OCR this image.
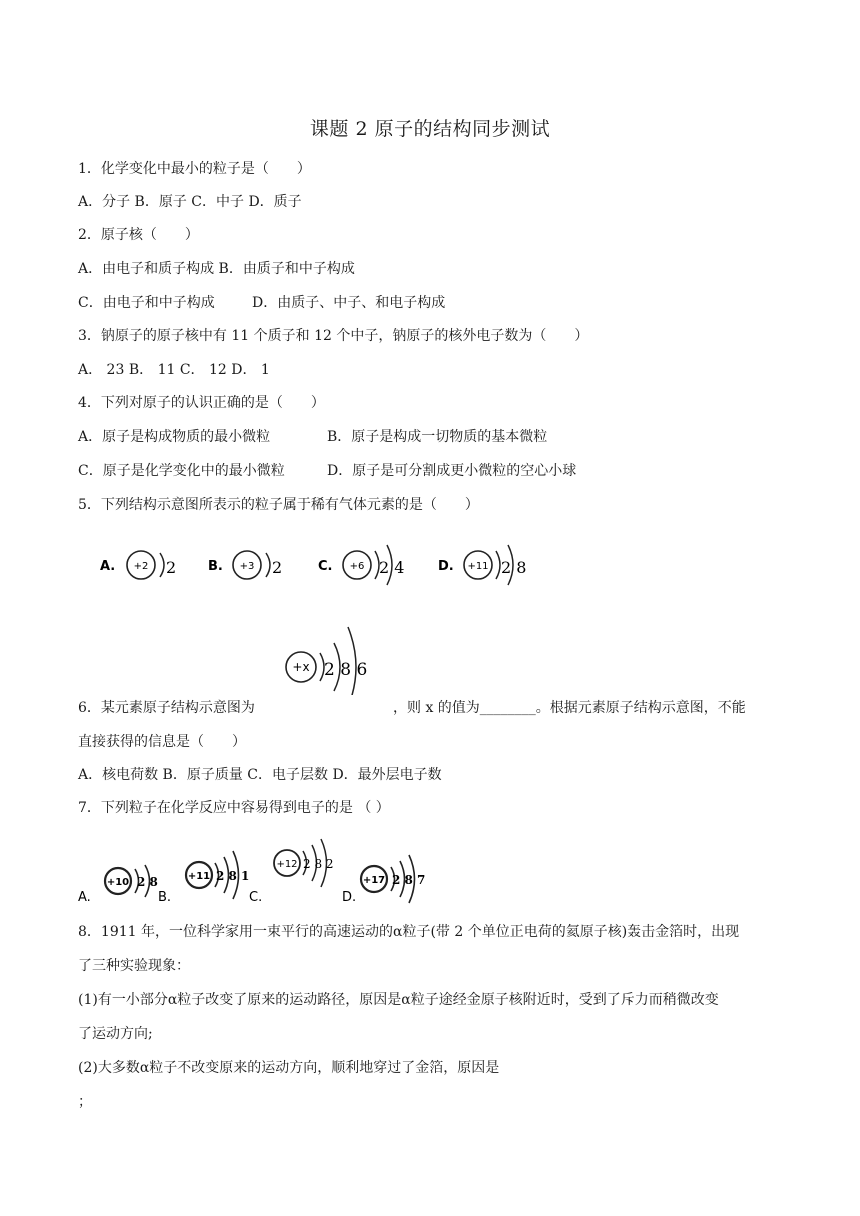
课题 2 原子的结构同步测试
1．化学变化中最小的粒子是（　　）
A．分子 B．原子 C．中子 D．质子
2．原子核（　　）
A．由电子和质子构成 B．由质子和中子构成
C．由电子和中子构成	D．由质子、中子、和电子构成
3．钠原子的原子核中有 11 个质子和 12 个中子，钠原子的核外电子数为（　　）
A． 23 B． 11 C． 12 D． 1
4．下列对原子的认识正确的是（　　）
A．原子是构成物质的最小微粒	B．原子是构成一切物质的基本微粒
C．原子是化学变化中的最小微粒	D．原子是可分割成更小微粒的空心小球
5．下列结构示意图所表示的粒子属于稀有气体元素的是（　　）
A. +2 2 B. +3 2	C. +6 2 4	D. +11 2 8
+x 2 8 6
6．某元素原子结构示意图为	，则 x 的值为________。根据元素原子结构示意图，不能
直接获得的信息是（　　）
A．核电荷数 B．原子质量 C．电子层数 D．最外层电子数
7．下列粒子在化学反应中容易得到电子的是 （ ）
+10 2 8
A.
+11 2 8 1
B.
+12 2 8 2
C.
+17 2 8 7
D.
8．1911 年，一位科学家用一束平行的高速运动的α粒子(带 2 个单位正电荷的氦原子核)轰击金箔时，出现
了三种实验现象：
(1)有一小部分α粒子改变了原来的运动路径，原因是α粒子途经金原子核附近时，受到了斥力而稍微改变
了运动方向;
(2)大多数α粒子不改变原来的运动方向，顺利地穿过了金箔，原因是
；
